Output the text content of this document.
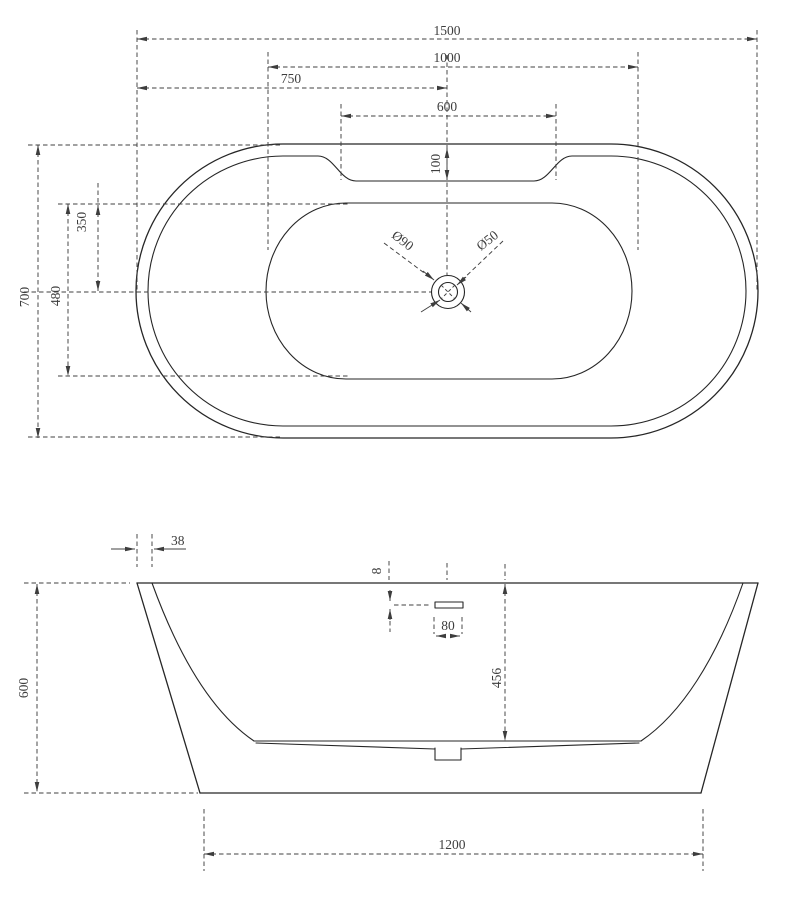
1500
1000
750
600
100
700 480
350
Ø90	Ø50
38
8
80
456
600
1200
